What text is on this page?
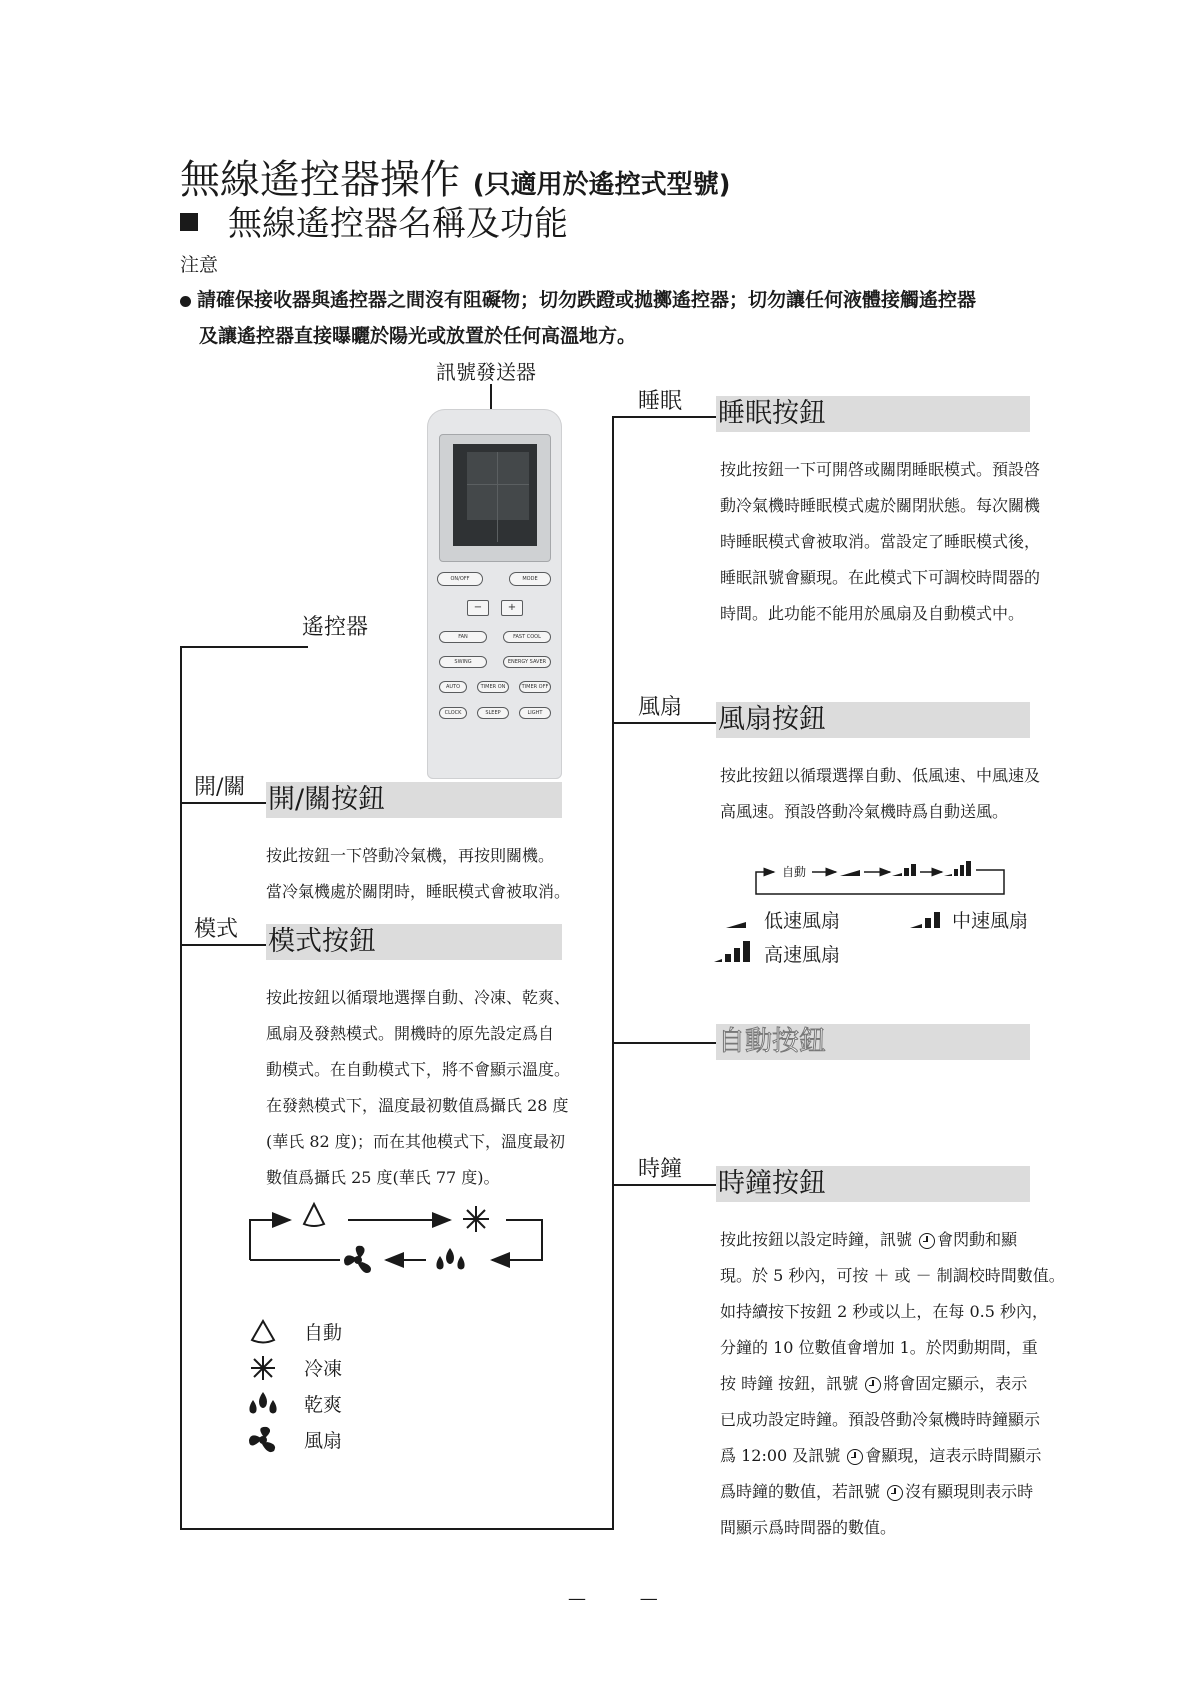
無線遙控器操作 (只適用於遙控式型號)
無線遙控器名稱及功能
注意
請確保接收器與遙控器之間沒有阻礙物；切勿跌蹬或拋擲遙控器；切勿讓任何液體接觸遙控器
及讓遙控器直接曝曬於陽光或放置於任何高溫地方。
訊號發送器
遙控器
ON/OFF	MODE
−	+
FAN	FAST COOL
SWING	ENERGY SAVER
AUTO	TIMER ON	TIMER OFF
CLOCK	SLEEP	LIGHT
開/關 開/關按鈕
按此按鈕一下啓動冷氣機，再按則關機。
當冷氣機處於關閉時，睡眠模式會被取消。
模式 模式按鈕
按此按鈕以循環地選擇自動、冷凍、乾爽、
風扇及發熱模式。開機時的原先設定爲自
動模式。在自動模式下，將不會顯示溫度。
在發熱模式下，溫度最初數值爲攝氏 28 度
(華氏 82 度)；而在其他模式下，溫度最初
數值爲攝氏 25 度(華氏 77 度)。
自動
冷凍
乾爽
風扇
睡眠 睡眠按鈕
按此按鈕一下可開啓或關閉睡眠模式。預設啓
動冷氣機時睡眠模式處於關閉狀態。每次關機
時睡眠模式會被取消。當設定了睡眠模式後，
睡眠訊號會顯現。在此模式下可調校時間器的
時間。此功能不能用於風扇及自動模式中。
風扇 風扇按鈕
按此按鈕以循環選擇自動、低風速、中風速及
高風速。預設啓動冷氣機時爲自動送風。
自動
低速風扇	中速風扇
高速風扇
自動按鈕
時鐘 時鐘按鈕
按此按鈕以設定時鐘，訊號
會閃動和顯
現。於 5 秒內，可按 ＋ 或 － 制調校時間數值。
如持續按下按鈕 2 秒或以上，在每 0.5 秒內，
分鐘的 10 位數值會增加 1。於閃動期間，重
按 時鐘 按鈕，訊號
將會固定顯示，表示
已成功設定時鐘。預設啓動冷氣機時時鐘顯示
爲 12:00 及訊號
會顯現，這表示時間顯示
爲時鐘的數值，若訊號
沒有顯現則表示時
間顯示爲時間器的數值。
— —
